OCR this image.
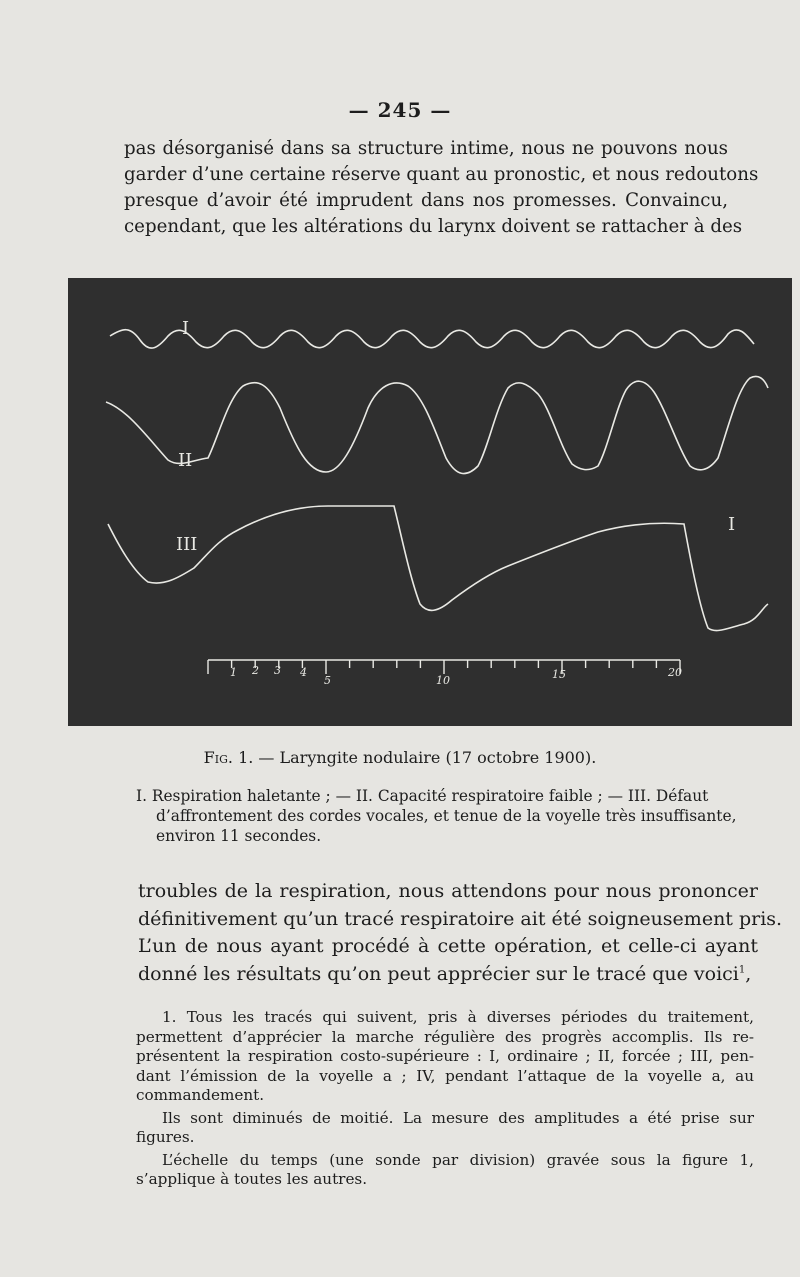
— 245 —
pas désorganisé dans sa structure intime, nous ne pouvons nous
garder d’une certaine réserve quant au pronostic, et nous redoutons
presque d’avoir été imprudent dans nos promesses. Convaincu,
cependant, que les altérations du larynx doivent se rattacher à des
I
II
III
I
1 2 3 4
5	10	15	20
Fig. 1. — Laryngite nodulaire (17 octobre 1900).
I. Respiration haletante ; — II. Capacité respiratoire faible ; — III. Défaut
d’affrontement des cordes vocales, et tenue de la voyelle très insuffisante,
environ 11 secondes.
troubles de la respiration, nous attendons pour nous prononcer
définitivement qu’un tracé respiratoire ait été soigneusement pris.
L’un de nous ayant procédé à cette opération, et celle-ci ayant
donné les résultats qu’on peut apprécier sur le tracé que voici$^1$,

1. Tous les tracés qui suivent, pris à diverses périodes du traitement,
permettent d’apprécier la marche régulière des progrès accomplis. Ils re-
présentent la respiration costo-supérieure : I, ordinaire ; II, forcée ; III, pen-
dant l’émission de la voyelle a ; IV, pendant l’attaque de la voyelle a, au
commandement.

Ils sont diminués de moitié. La mesure des amplitudes a été prise sur
figures.

L’échelle du temps (une sonde par division) gravée sous la figure 1,
s’applique à toutes les autres.
